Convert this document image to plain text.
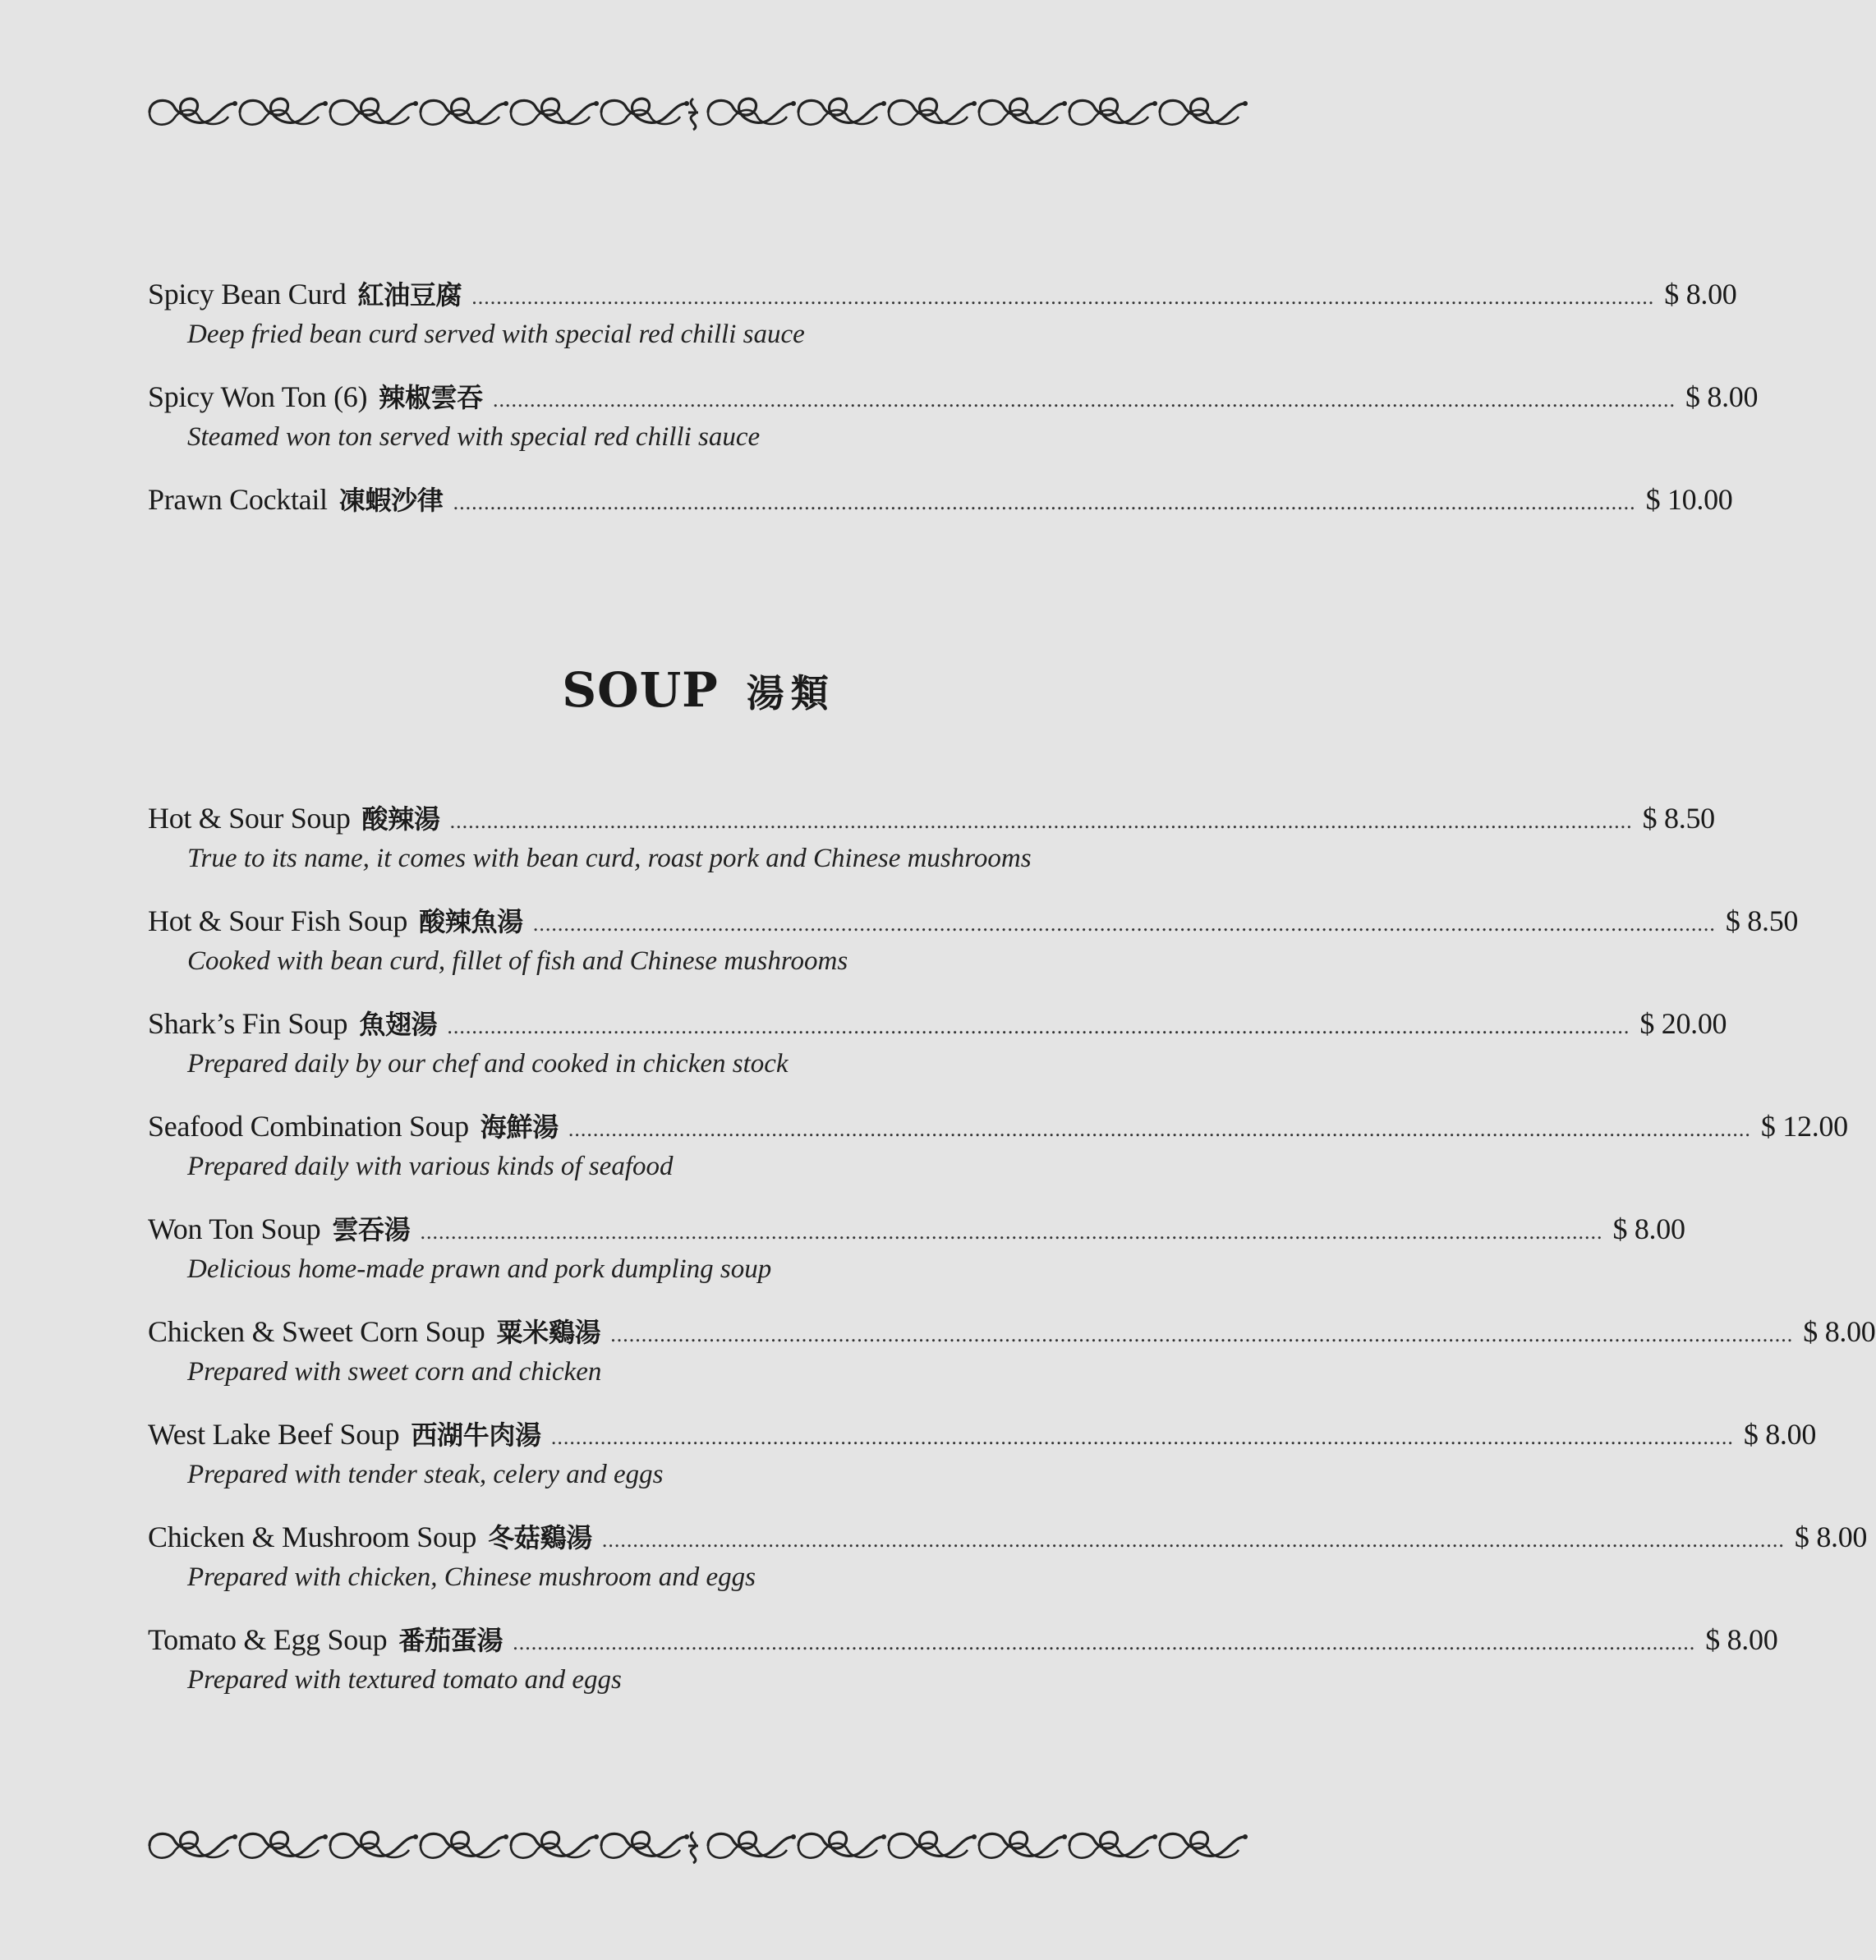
Spicy Bean Curd 紅油豆腐 ................................................................................................................................................................................................ $ 8.00
Deep fried bean curd served with special red chilli sauce
Spicy Won Ton (6) 辣椒雲吞 ................................................................................................................................................................................................ $ 8.00
Steamed won ton served with special red chilli sauce
Prawn Cocktail 凍蝦沙律 ................................................................................................................................................................................................ $ 10.00
SOUP 湯類
Hot & Sour Soup 酸辣湯 ................................................................................................................................................................................................ $ 8.50
True to its name, it comes with bean curd, roast pork and Chinese mushrooms
Hot & Sour Fish Soup 酸辣魚湯 ................................................................................................................................................................................................ $ 8.50
Cooked with bean curd, fillet of fish and Chinese mushrooms
Shark’s Fin Soup 魚翅湯 ................................................................................................................................................................................................ $ 20.00
Prepared daily by our chef and cooked in chicken stock
Seafood Combination Soup 海鮮湯 ................................................................................................................................................................................................ $ 12.00
Prepared daily with various kinds of seafood
Won Ton Soup 雲吞湯 ................................................................................................................................................................................................ $ 8.00
Delicious home-made prawn and pork dumpling soup
Chicken & Sweet Corn Soup 粟米鷄湯 ................................................................................................................................................................................................ $ 8.00
Prepared with sweet corn and chicken
West Lake Beef Soup 西湖牛肉湯 ................................................................................................................................................................................................ $ 8.00
Prepared with tender steak, celery and eggs
Chicken & Mushroom Soup 冬菇鷄湯 ................................................................................................................................................................................................ $ 8.00
Prepared with chicken, Chinese mushroom and eggs
Tomato & Egg Soup 番茄蛋湯 ................................................................................................................................................................................................ $ 8.00
Prepared with textured tomato and eggs
